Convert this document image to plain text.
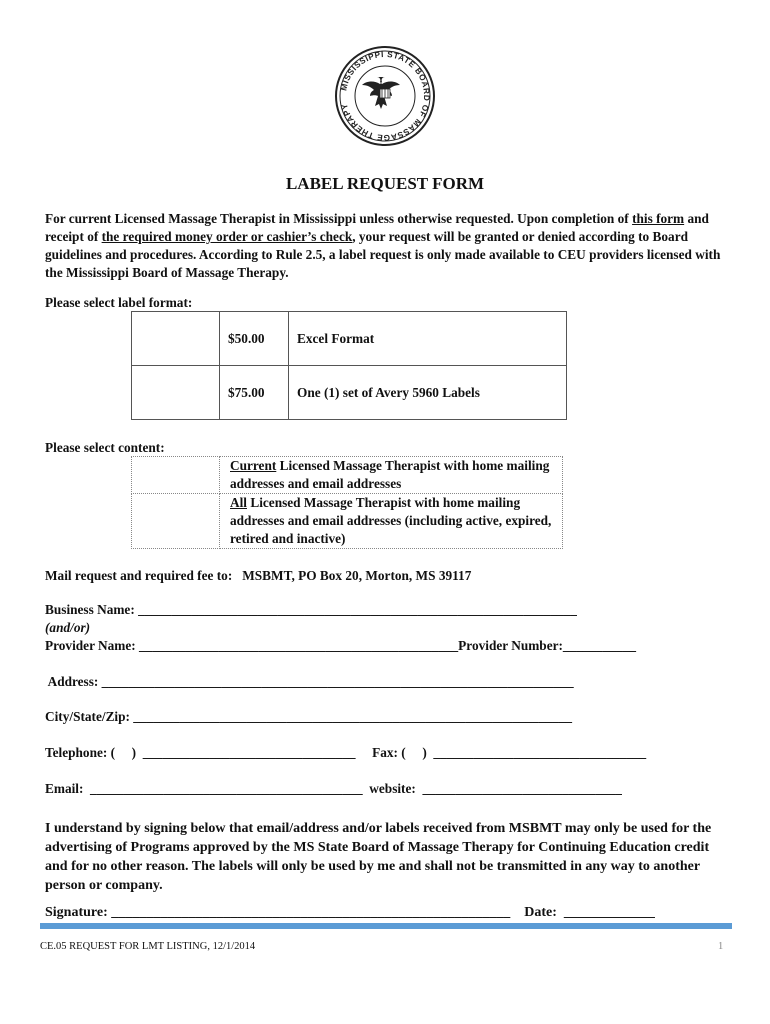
MISSISSIPPI STATE BOARD OF MASSAGE THERAPY
LABEL REQUEST FORM
For current Licensed Massage Therapist in Mississippi unless otherwise requested. Upon completion of this form and receipt of the required money order or cashier’s check, your request will be granted or denied according to Board guidelines and procedures. According to Rule 2.5, a label request is only made available to CEU providers licensed with the Mississippi Board of Massage Therapy.
Please select label format:
	$50.00	Excel Format
	$75.00	One (1) set of Avery 5960 Labels
Please select content:
	Current Licensed Massage Therapist with home mailing addresses and email addresses
	All Licensed Massage Therapist with home mailing addresses and email addresses (including active, expired, retired and inactive)
Mail request and required fee to:   MSBMT, PO Box 20, Morton, MS 39117
Business Name: __________________________________________________________________
(and/or)
Provider Name: ________________________________________________Provider Number:___________
Address: _______________________________________________________________________
City/State/Zip: __________________________________________________________________
Telephone: (     )  ________________________________     Fax: (     )  ________________________________
Email:  _________________________________________  website:  ______________________________
I understand by signing below that email/address and/or labels received from MSBMT may only be used for the advertising of Programs approved by the MS State Board of Massage Therapy for Continuing Education credit and for no other reason. The labels will only be used by me and shall not be transmitted in any way to another person or company.
Signature: _________________________________________________________    Date:  _____________
CE.05 REQUEST FOR LMT LISTING, 12/1/2014	1
